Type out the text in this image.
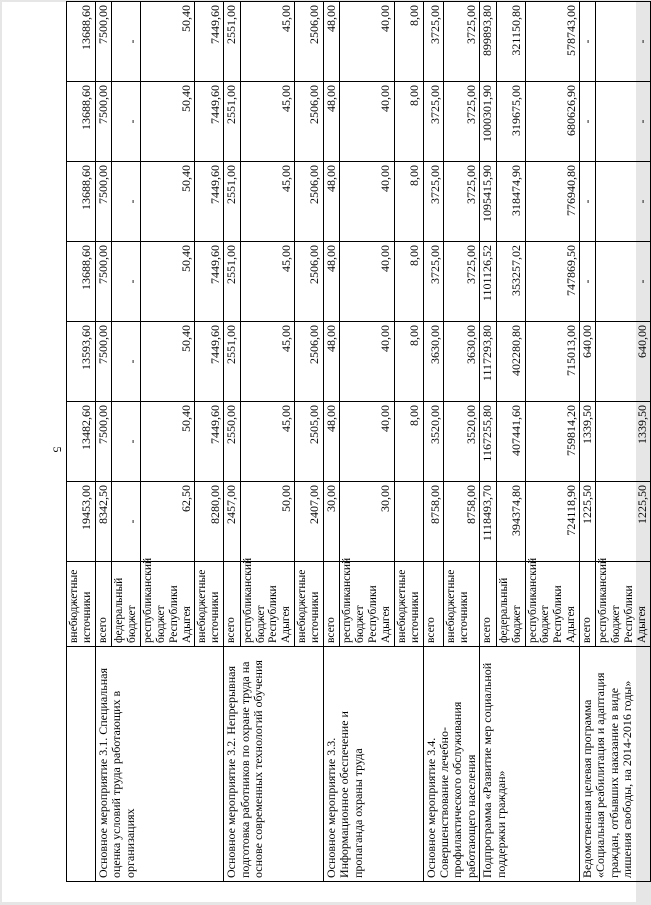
5
	внебюджетные источники	19453,00	13482,60	13593,60	13688,60	13688,60	13688,60	13688,60
Основное мероприятие 3.1. Специальная оценка условий труда работающих в организациях	всего	8342,50	7500,00	7500,00	7500,00	7500,00	7500,00	7500,00
	федеральный бюджет	-	-	-	-	-	-	-

	республиканский бюджет Республики Адыгея	62,50	50,40	50,40	50,40	50,40	50,40	50,40
	внебюджетные источники	8280,00	7449,60	7449,60	7449,60	7449,60	7449,60	7449,60
Основное мероприятие 3.2. Непрерывная подготовка работников по охране труда на основе современных технологий обучения	всего	2457,00	2550,00	2551,00	2551,00	2551,00	2551,00	2551,00
	республиканский бюджет Республики Адыгея	50,00	45,00	45,00	45,00	45,00	45,00	45,00
	внебюджетные источники	2407,00	2505,00	2506,00	2506,00	2506,00	2506,00	2506,00
Основное мероприятие 3.3. Информационное обеспечение и пропаганда охраны труда	всего	30,00	48,00	48,00	48,00	48,00	48,00	48,00
	республиканский бюджет Республики Адыгея	30,00	40,00	40,00	40,00	40,00	40,00	40,00
	внебюджетные источники		8,00	8,00	8,00	8,00	8,00	8,00
Основное мероприятие 3.4. Совершенствование лечебно-профилактического обслуживания работающего населения	всего	8758,00	3520,00	3630,00	3725,00	3725,00	3725,00	3725,00
	внебюджетные источники	8758,00	3520,00	3630,00	3725,00	3725,00	3725,00	3725,00
Подпрограмма «Развитие мер социальной поддержки граждан»	всего	1118493,70	1167255,80	1117293,80	1101126,52	1095415,90	1000301,90	899893,80
	федеральный бюджет	394374,80	407441,60	402280,80	353257,02	318474,90	319675,00	321150,80
	республиканский бюджет Республики Адыгея	724118,90	759814,20	715013,00	747869,50	776940,80	680626,90	578743,00
Ведомственная целевая программа «Социальная реабилитация и адаптация граждан, отбывших наказание в виде лишения свободы, на 2014-2016 годы»	всего	1225,50	1339,50	640,00	-	-	-	-

	республиканский бюджет Республики Адыгея	1225,50	1339,50	640,00	-	-	-	-
